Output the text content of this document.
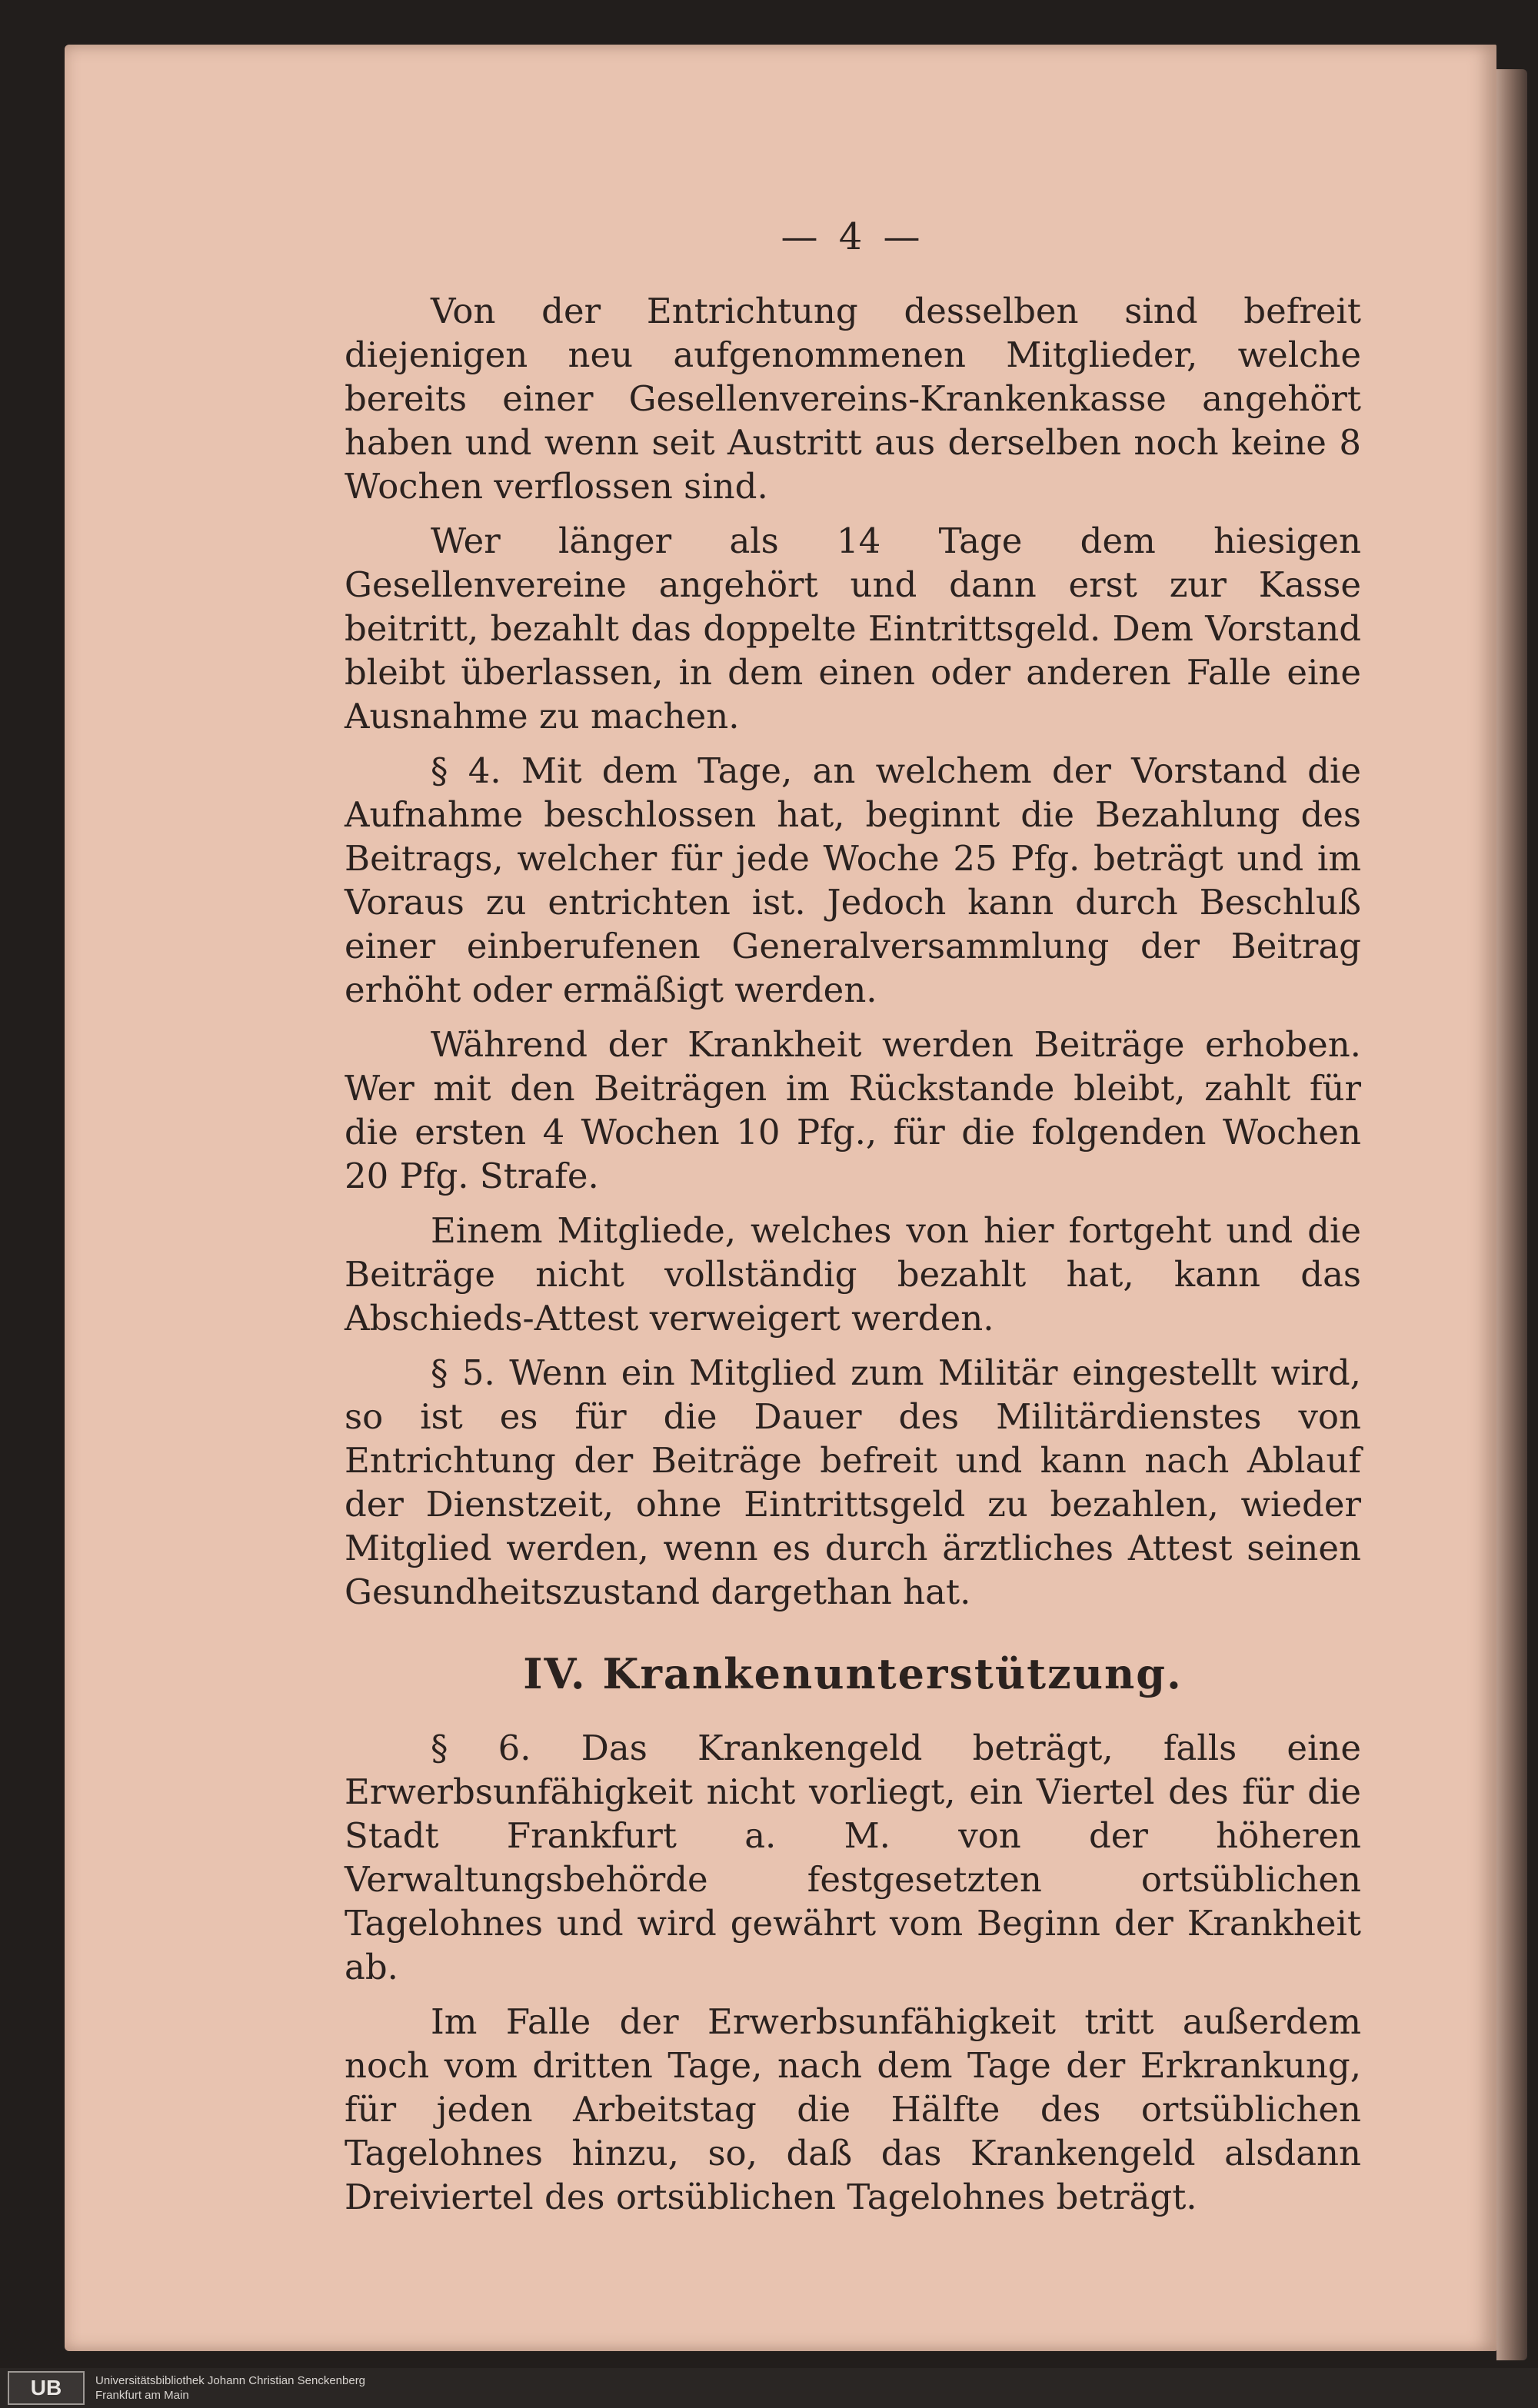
— 4 —

Von der Entrichtung desselben sind befreit diejenigen neu aufgenommenen Mitglieder, welche bereits einer Gesellenvereins-Krankenkasse angehört haben und wenn seit Austritt aus derselben noch keine 8 Wochen verflossen sind.

Wer länger als 14 Tage dem hiesigen Gesellenvereine angehört und dann erst zur Kasse beitritt, bezahlt das doppelte Eintrittsgeld. Dem Vorstand bleibt überlassen, in dem einen oder anderen Falle eine Ausnahme zu machen.

§ 4. Mit dem Tage, an welchem der Vorstand die Aufnahme beschlossen hat, beginnt die Bezahlung des Beitrags, welcher für jede Woche 25 Pfg. beträgt und im Voraus zu entrichten ist. Jedoch kann durch Beschluß einer einberufenen Generalversammlung der Beitrag erhöht oder ermäßigt werden.

Während der Krankheit werden Beiträge erhoben. Wer mit den Beiträgen im Rückstande bleibt, zahlt für die ersten 4 Wochen 10 Pfg., für die folgenden Wochen 20 Pfg. Strafe.

Einem Mitgliede, welches von hier fortgeht und die Beiträge nicht vollständig bezahlt hat, kann das Abschieds-Attest verweigert werden.

§ 5. Wenn ein Mitglied zum Militär eingestellt wird, so ist es für die Dauer des Militärdienstes von Entrichtung der Beiträge befreit und kann nach Ablauf der Dienstzeit, ohne Eintrittsgeld zu bezahlen, wieder Mitglied werden, wenn es durch ärztliches Attest seinen Gesundheitszustand dargethan hat.

IV. Krankenunterstützung.

§ 6. Das Krankengeld beträgt, falls eine Erwerbsunfähigkeit nicht vorliegt, ein Viertel des für die Stadt Frankfurt a. M. von der höheren Verwaltungsbehörde festgesetzten ortsüblichen Tagelohnes und wird gewährt vom Beginn der Krankheit ab.

Im Falle der Erwerbsunfähigkeit tritt außerdem noch vom dritten Tage, nach dem Tage der Erkrankung, für jeden Arbeitstag die Hälfte des ortsüblichen Tagelohnes hinzu, so, daß das Krankengeld alsdann Dreiviertel des ortsüblichen Tagelohnes beträgt.

UB	Universitätsbibliothek Johann Christian Senckenberg
Frankfurt am Main
